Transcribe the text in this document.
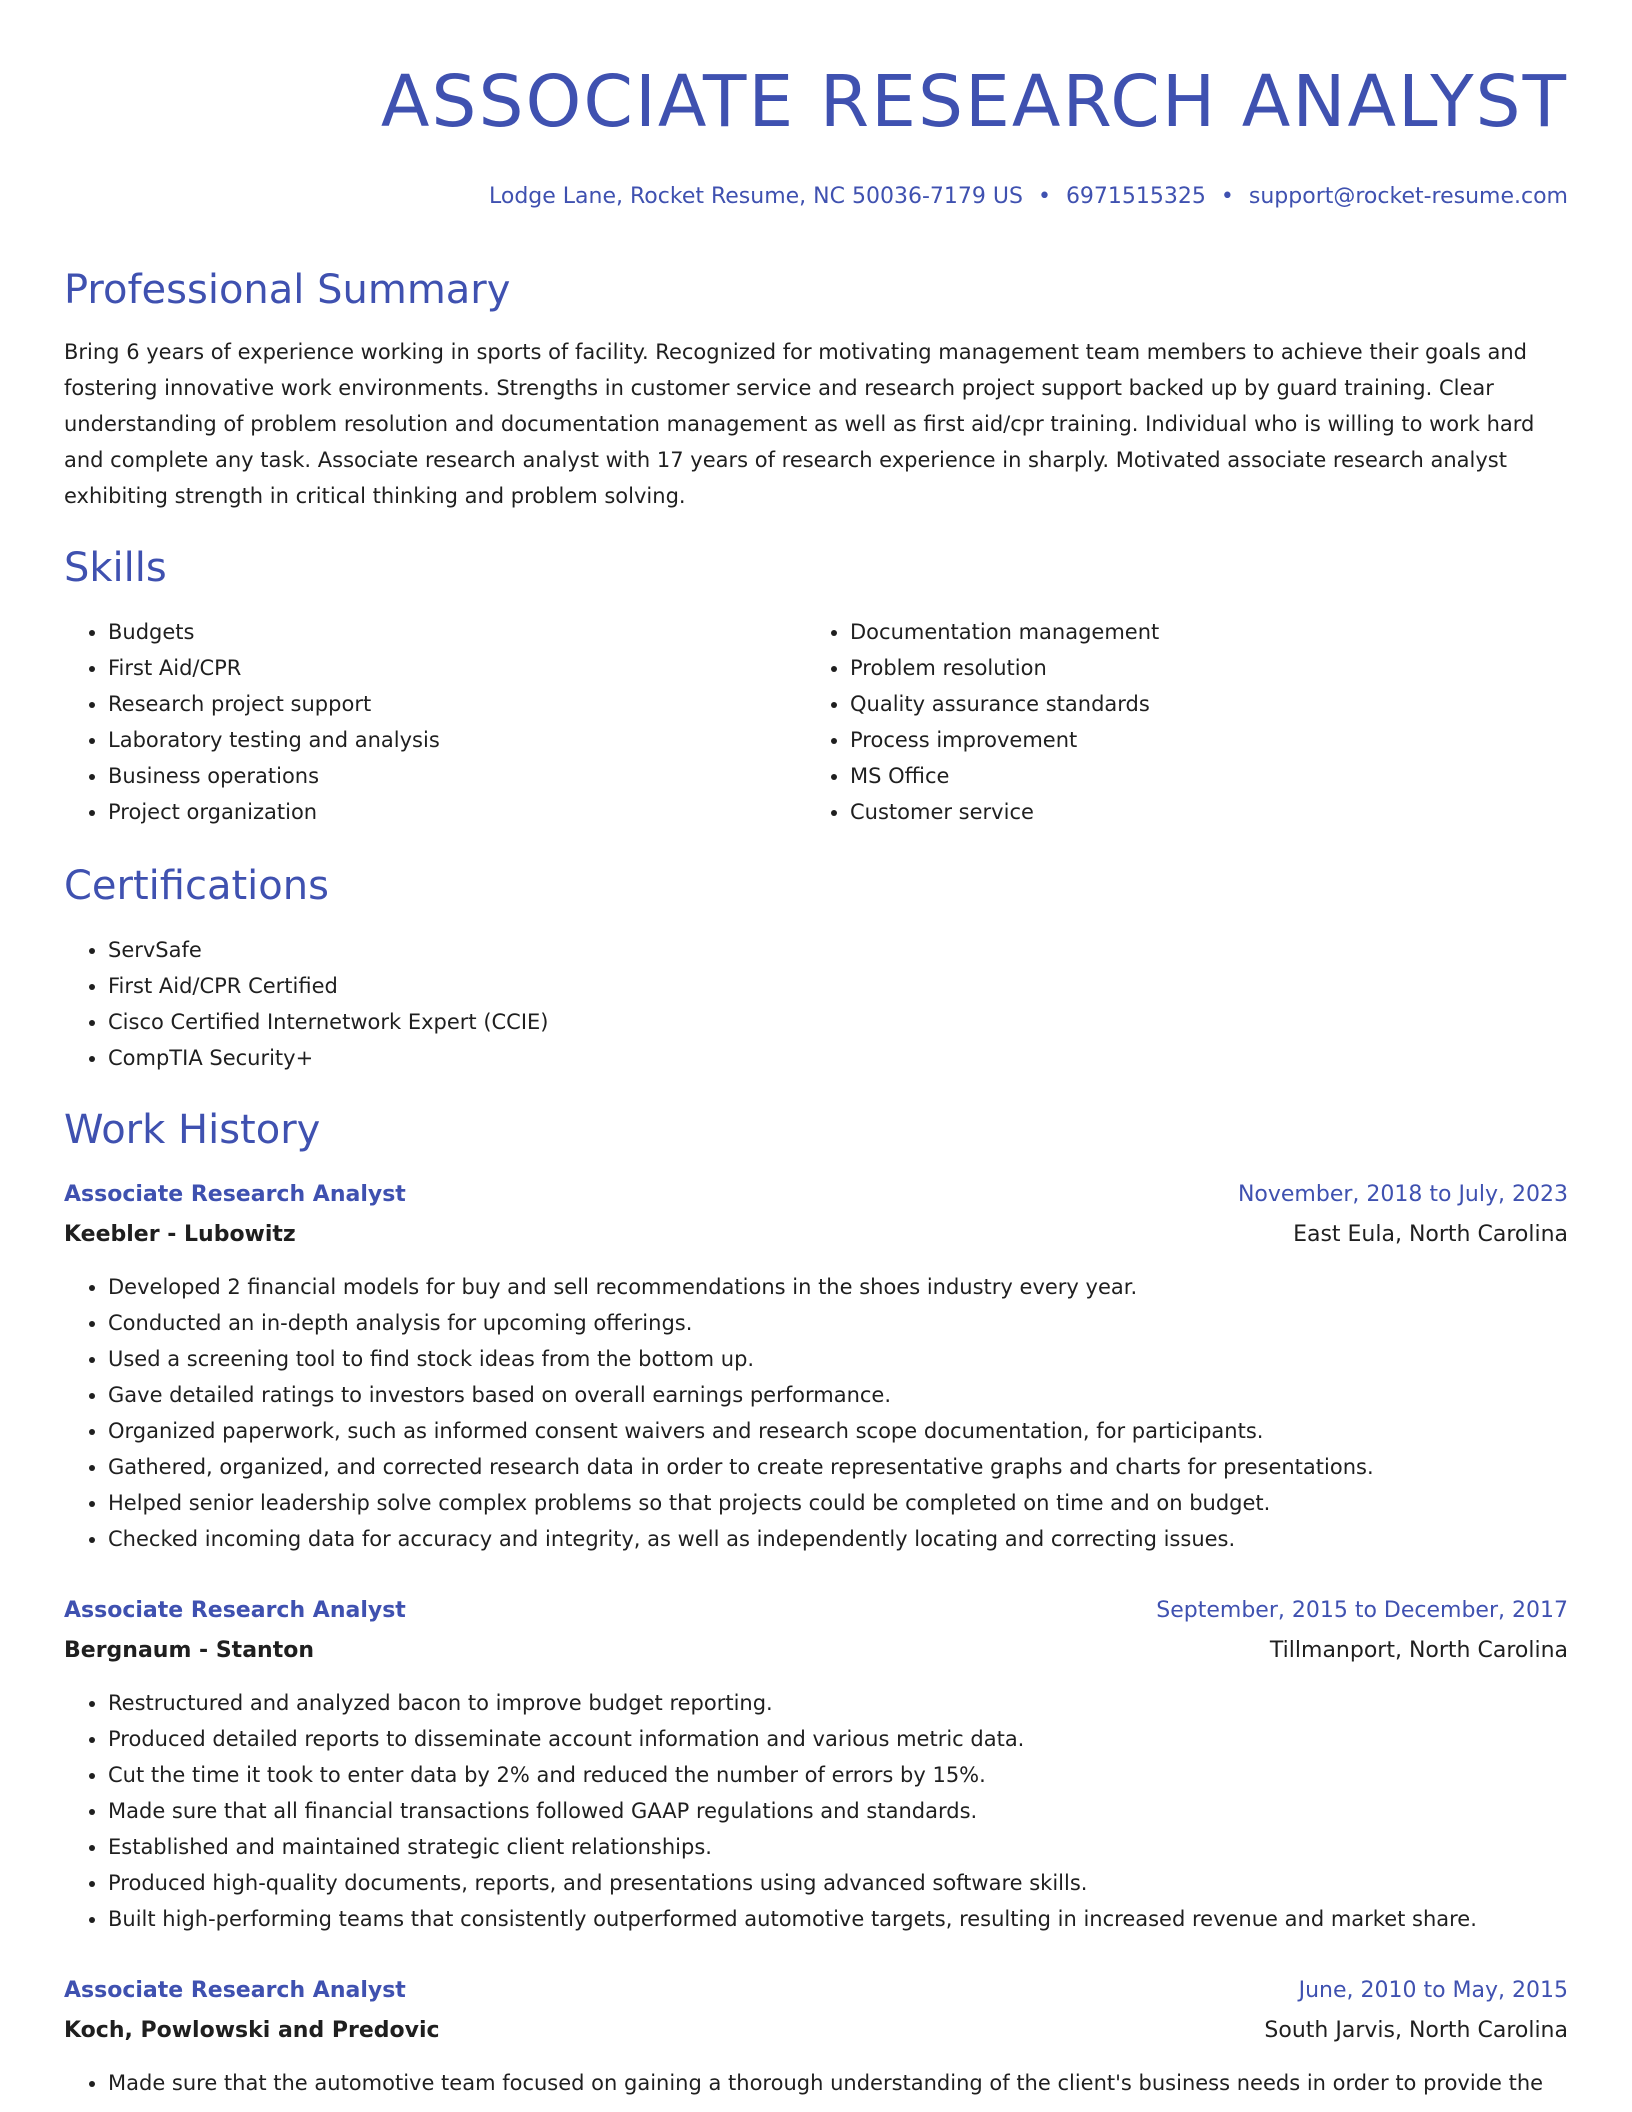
ASSOCIATE RESEARCH ANALYST
Lodge Lane, Rocket Resume, NC 50036-7179 US • 6971515325 • support@rocket-resume.com
Professional Summary

Bring 6 years of experience working in sports of facility. Recognized for motivating management team members to achieve their goals and fostering innovative work environments. Strengths in customer service and research project support backed up by guard training. Clear understanding of problem resolution and documentation management as well as first aid/cpr training. Individual who is willing to work hard and complete any task. Associate research analyst with 17 years of research experience in sharply. Motivated associate research analyst exhibiting strength in critical thinking and problem solving.

Skills
• Budgets
• First Aid/CPR
• Research project support
• Laboratory testing and analysis
• Business operations
• Project organization
• Documentation management
• Problem resolution
• Quality assurance standards
• Process improvement
• MS Office
• Customer service
Certifications
• ServSafe
• First Aid/CPR Certified
• Cisco Certified Internetwork Expert (CCIE)
• CompTIA Security+
Work History
Associate Research Analyst	November, 2018 to July, 2023
Keebler - Lubowitz	East Eula, North Carolina
• Developed 2 financial models for buy and sell recommendations in the shoes industry every year.
• Conducted an in-depth analysis for upcoming offerings.
• Used a screening tool to find stock ideas from the bottom up.
• Gave detailed ratings to investors based on overall earnings performance.
• Organized paperwork, such as informed consent waivers and research scope documentation, for participants.
• Gathered, organized, and corrected research data in order to create representative graphs and charts for presentations.
• Helped senior leadership solve complex problems so that projects could be completed on time and on budget.
• Checked incoming data for accuracy and integrity, as well as independently locating and correcting issues.
Associate Research Analyst	September, 2015 to December, 2017
Bergnaum - Stanton	Tillmanport, North Carolina
• Restructured and analyzed bacon to improve budget reporting.
• Produced detailed reports to disseminate account information and various metric data.
• Cut the time it took to enter data by 2% and reduced the number of errors by 15%.
• Made sure that all financial transactions followed GAAP regulations and standards.
• Established and maintained strategic client relationships.
• Produced high-quality documents, reports, and presentations using advanced software skills.
• Built high-performing teams that consistently outperformed automotive targets, resulting in increased revenue and market share.
Associate Research Analyst	June, 2010 to May, 2015
Koch, Powlowski and Predovic	South Jarvis, North Carolina
• Made sure that the automotive team focused on gaining a thorough understanding of the client's business needs in order to provide the
